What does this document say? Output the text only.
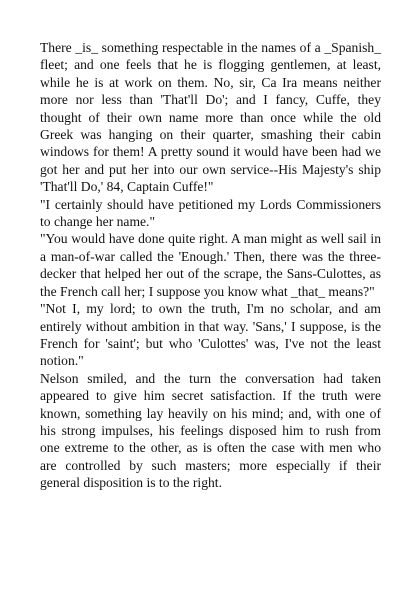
There _is_ something respectable in the names of a _Spanish_ fleet; and one feels that he is flogging gentlemen, at least, while he is at work on them. No, sir, Ca Ira means neither more nor less than 'That'll Do'; and I fancy, Cuffe, they thought of their own name more than once while the old Greek was hanging on their quarter, smashing their cabin windows for them! A pretty sound it would have been had we got her and put her into our own service--His Majesty's ship 'That'll Do,' 84, Captain Cuffe!"

"I certainly should have petitioned my Lords Commissioners to change her name."

"You would have done quite right. A man might as well sail in a man-of-war called the 'Enough.' Then, there was the three-decker that helped her out of the scrape, the Sans-Culottes, as the French call her; I suppose you know what _that_ means?"

"Not I, my lord; to own the truth, I'm no scholar, and am entirely without ambition in that way. 'Sans,' I suppose, is the French for 'saint'; but who 'Culottes' was, I've not the least notion."

Nelson smiled, and the turn the conversation had taken appeared to give him secret satisfaction. If the truth were known, something lay heavily on his mind; and, with one of his strong impulses, his feelings disposed him to rush from one extreme to the other, as is often the case with men who are controlled by such masters; more especially if their general disposition is to the right.
